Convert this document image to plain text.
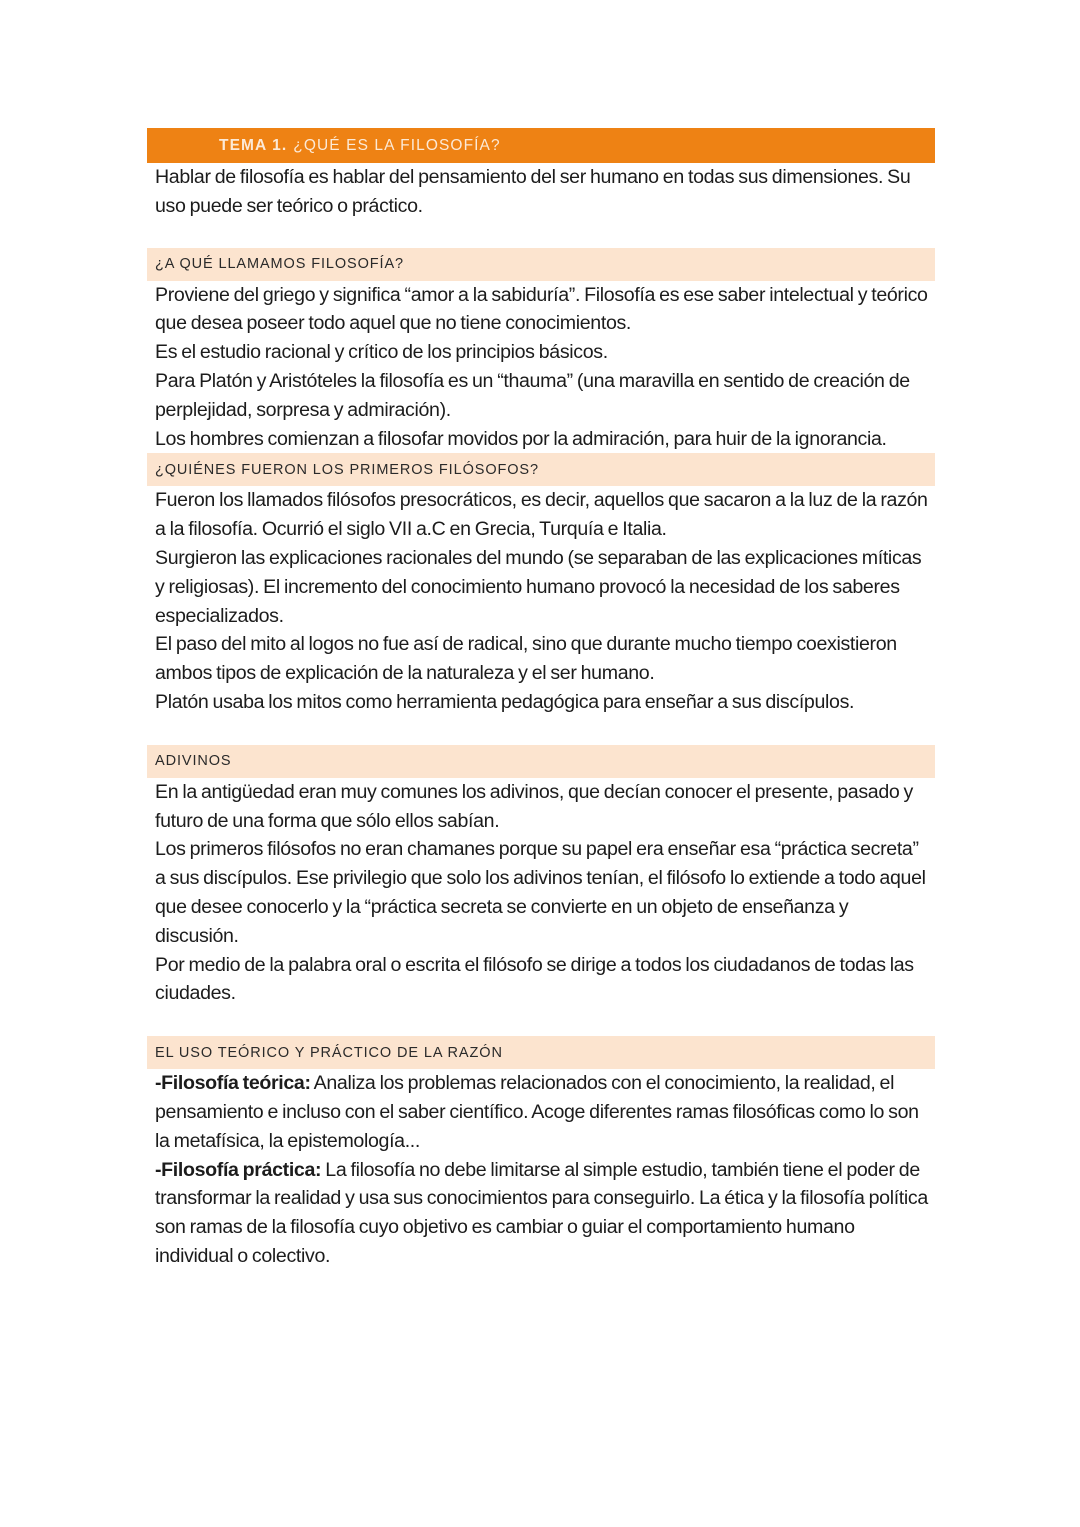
TEMA 1. ¿QUÉ ES LA FILOSOFÍA?

Hablar de filosofía es hablar del pensamiento del ser humano en todas sus dimensiones. Su uso puede ser teórico o práctico.

¿A QUÉ LLAMAMOS FILOSOFÍA?

Proviene del griego y significa “amor a la sabiduría”. Filosofía es ese saber intelectual y teórico que desea poseer todo aquel que no tiene conocimientos.

Es el estudio racional y crítico de los principios básicos.

Para Platón y Aristóteles la filosofía es un “thauma” (una maravilla en sentido de creación de perplejidad, sorpresa y admiración).

Los hombres comienzan a filosofar movidos por la admiración, para huir de la ignorancia.

¿QUIÉNES FUERON LOS PRIMEROS FILÓSOFOS?

Fueron los llamados filósofos presocráticos, es decir, aquellos que sacaron a la luz de la razón a la filosofía. Ocurrió el siglo VII a.C en Grecia, Turquía e Italia.

Surgieron las explicaciones racionales del mundo (se separaban de las explicaciones míticas y religiosas). El incremento del conocimiento humano provocó la necesidad de los saberes especializados.

El paso del mito al logos no fue así de radical, sino que durante mucho tiempo coexistieron ambos tipos de explicación de la naturaleza y el ser humano.

Platón usaba los mitos como herramienta pedagógica para enseñar a sus discípulos.

ADIVINOS

En la antigüedad eran muy comunes los adivinos, que decían conocer el presente, pasado y futuro de una forma que sólo ellos sabían.

Los primeros filósofos no eran chamanes porque su papel era enseñar esa “práctica secreta” a sus discípulos. Ese privilegio que solo los adivinos tenían, el filósofo lo extiende a todo aquel que desee conocerlo y la “práctica secreta se convierte en un objeto de enseñanza y discusión.

Por medio de la palabra oral o escrita el filósofo se dirige a todos los ciudadanos de todas las ciudades.

EL USO TEÓRICO Y PRÁCTICO DE LA RAZÓN

-Filosofía teórica: Analiza los problemas relacionados con el conocimiento, la realidad, el pensamiento e incluso con el saber científico. Acoge diferentes ramas filosóficas como lo son la metafísica, la epistemología...

-Filosofía práctica: La filosofía no debe limitarse al simple estudio, también tiene el poder de transformar la realidad y usa sus conocimientos para conseguirlo. La ética y la filosofía política son ramas de la filosofía cuyo objetivo es cambiar o guiar el comportamiento humano individual o colectivo.
